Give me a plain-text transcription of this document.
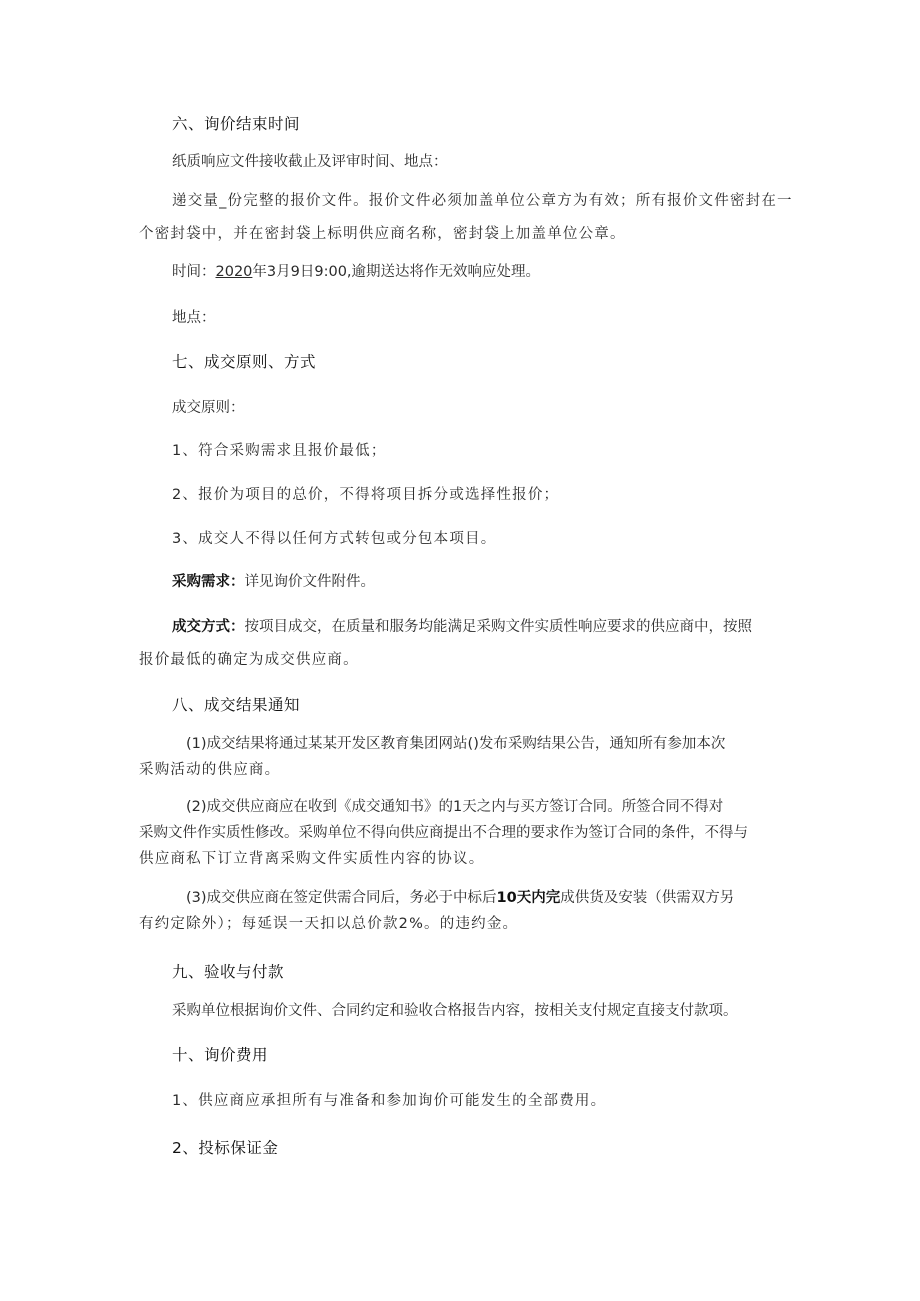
六、询价结束时间
纸质响应文件接收截止及评审时间、地点：
递交量_份完整的报价文件。报价文件必须加盖单位公章方为有效；所有报价文件密封在一
个密封袋中，并在密封袋上标明供应商名称，密封袋上加盖单位公章。
时间：2020年3月9日9:00,逾期送达将作无效响应处理。
地点：
七、成交原则、方式
成交原则：
1、符合采购需求且报价最低；
2、报价为项目的总价，不得将项目拆分或选择性报价；
3、成交人不得以任何方式转包或分包本项目。
采购需求：详见询价文件附件。
成交方式：按项目成交，在质量和服务均能满足采购文件实质性响应要求的供应商中，按照
报价最低的确定为成交供应商。
八、成交结果通知
(1)成交结果将通过某某开发区教育集团网站()发布采购结果公告，通知所有参加本次
采购活动的供应商。
(2)成交供应商应在收到《成交通知书》的1天之内与买方签订合同。所签合同不得对
采购文件作实质性修改。采购单位不得向供应商提出不合理的要求作为签订合同的条件，不得与
供应商私下订立背离采购文件实质性内容的协议。
(3)成交供应商在签定供需合同后，务必于中标后10天内完成供货及安装（供需双方另
有约定除外）；每延误一天扣以总价款2%。的违约金。
九、验收与付款
采购单位根据询价文件、合同约定和验收合格报告内容，按相关支付规定直接支付款项。
十、询价费用
1、供应商应承担所有与准备和参加询价可能发生的全部费用。
2、投标保证金
